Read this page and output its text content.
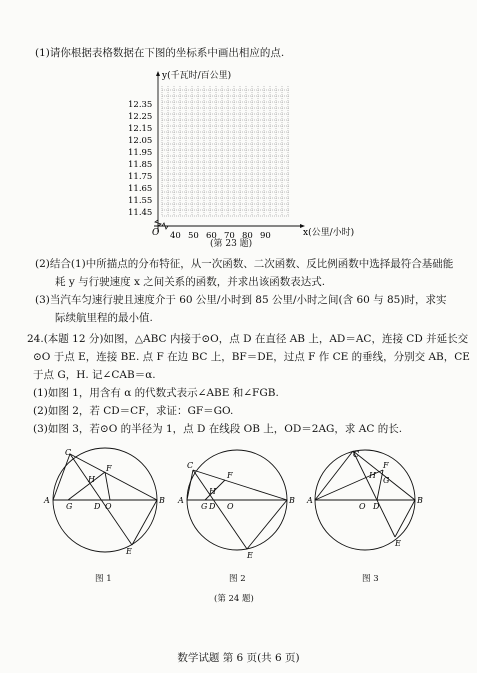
(1)请你根据表格数据在下图的坐标系中画出相应的点.
11.45
11.55
11.65
11.75
11.85
11.95
12.05
12.15
12.25
12.35
40 50 60 70 80 90
y(千瓦时/百公里)
x(公里/小时)
O
(第 23 题)
(2)结合(1)中所描点的分布特征，从一次函数、二次函数、反比例函数中选择最符合基础能
耗 y 与行驶速度 x 之间关系的函数，并求出该函数表达式.
(3)当汽车匀速行驶且速度介于 60 公里/小时到 85 公里/小时之间(含 60 与 85)时，求实
际续航里程的最小值.
24.(本题 12 分)如图，△ABC 内接于⊙O，点 D 在直径 AB 上，AD＝AC，连接 CD 并延长交
⊙O 于点 E，连接 BE. 点 F 在边 BC 上，BF＝DE，过点 F 作 CE 的垂线，分别交 AB，CE
于点 G，H. 记∠CAB＝α.
(1)如图 1，用含有 α 的代数式表示∠ABE 和∠FGB.
(2)如图 2，若 CD＝CF，求证：GF＝GO.
(3)如图 3，若⊙O 的半径为 1，点 D 在线段 OB 上，OD＝2AG，求 AC 的长.
A	B
C
D
E
F
G
H
O
A	B
C
D
E
F
G
H
O
A	B
C
D
E
F
G
H
O
图 1	图 2	图 3
(第 24 题)
数学试题 第 6 页(共 6 页)
